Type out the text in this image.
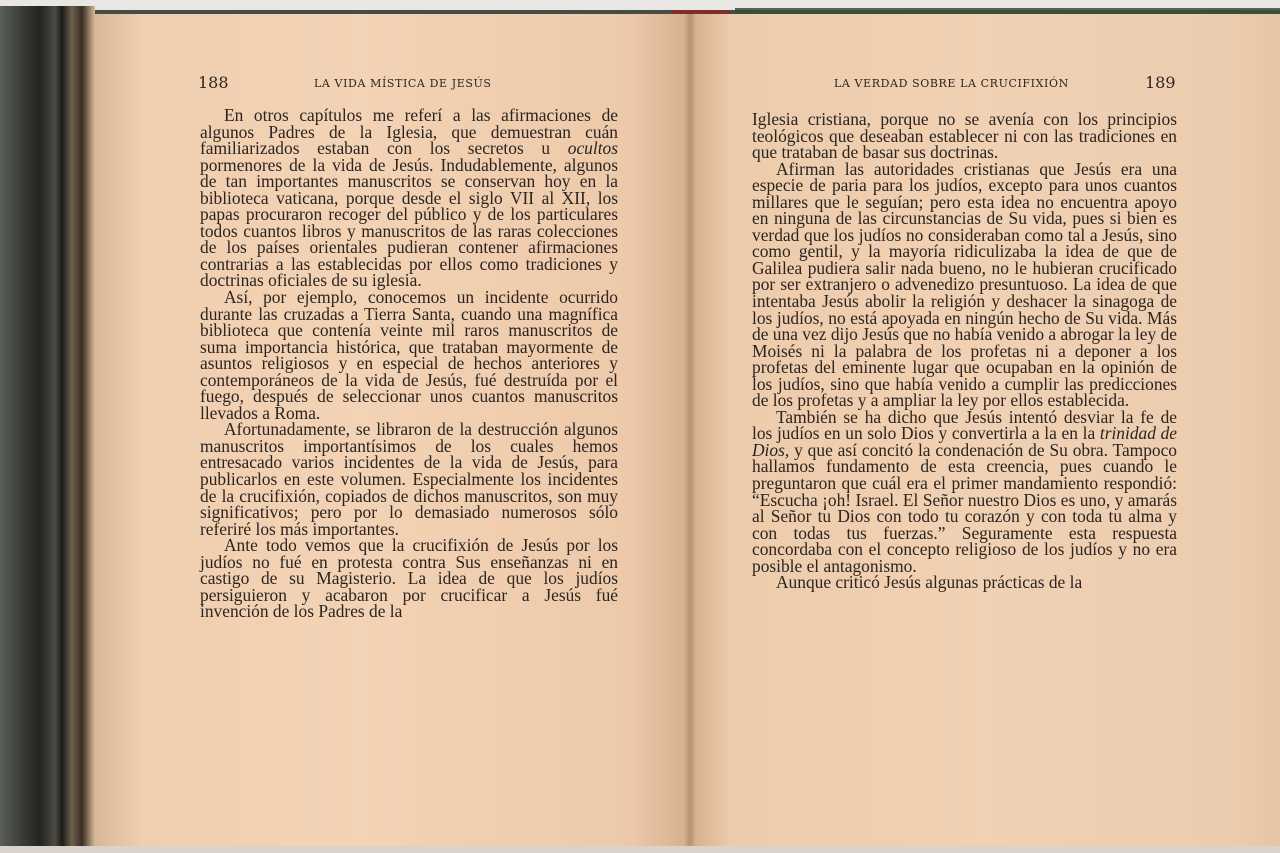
188	LA VIDA MÍSTICA DE JESÚS

En otros capítulos me referí a las afirmaciones de algunos Padres de la Iglesia, que demuestran cuán familiarizados estaban con los secretos u ocultos pormenores de la vida de Jesús. Indudablemente, algunos de tan importantes manuscritos se conservan hoy en la biblioteca vaticana, porque desde el siglo VII al XII, los papas procuraron recoger del público y de los particulares todos cuantos libros y manuscritos de las raras colecciones de los países orientales pudieran contener afirmaciones contrarias a las establecidas por ellos como tradiciones y doctrinas oficiales de su iglesia.

Así, por ejemplo, conocemos un incidente ocurrido durante las cruzadas a Tierra Santa, cuando una magnífica biblioteca que contenía veinte mil raros manuscritos de suma importancia histórica, que trataban mayormente de asuntos religiosos y en especial de hechos anteriores y contemporáneos de la vida de Jesús, fué destruída por el fuego, después de seleccionar unos cuantos manuscritos llevados a Roma.

Afortunadamente, se libraron de la destrucción algunos manuscritos importantísimos de los cuales hemos entresacado varios incidentes de la vida de Jesús, para publicarlos en este volumen. Especialmente los incidentes de la crucifixión, copiados de dichos manuscritos, son muy significativos; pero por lo demasiado numerosos sólo referiré los más importantes.

Ante todo vemos que la crucifixión de Jesús por los judíos no fué en protesta contra Sus enseñanzas ni en castigo de su Magisterio. La idea de que los judíos persiguieron y acabaron por crucificar a Jesús fué invención de los Padres de la

LA VERDAD SOBRE LA CRUCIFIXIÓN	189

Iglesia cristiana, porque no se avenía con los principios teológicos que deseaban establecer ni con las tradiciones en que trataban de basar sus doctrinas.

Afirman las autoridades cristianas que Jesús era una especie de paria para los judíos, excepto para unos cuantos millares que le seguían; pero esta idea no encuentra apoyo en ninguna de las circunstancias de Su vida, pues si bien es verdad que los judíos no consideraban como tal a Jesús, sino como gentil, y la mayoría ridiculizaba la idea de que de Galilea pudiera salir nada bueno, no le hubieran crucificado por ser extranjero o advenedizo presuntuoso. La idea de que intentaba Jesús abolir la religión y deshacer la sinagoga de los judíos, no está apoyada en ningún hecho de Su vida. Más de una vez dijo Jesús que no había venido a abrogar la ley de Moisés ni la palabra de los profetas ni a deponer a los profetas del eminente lugar que ocupaban en la opinión de los judíos, sino que había venido a cumplir las predicciones de los profetas y a ampliar la ley por ellos establecida.

También se ha dicho que Jesús intentó desviar la fe de los judíos en un solo Dios y convertirla a la en la trinidad de Dios, y que así concitó la condenación de Su obra. Tampoco hallamos fundamento de esta creencia, pues cuando le preguntaron que cuál era el primer mandamiento respondió: “Escucha ¡oh! Israel. El Señor nuestro Dios es uno, y amarás al Señor tu Dios con todo tu corazón y con toda tu alma y con todas tus fuerzas.” Seguramente esta respuesta concordaba con el concepto religioso de los judíos y no era posible el antagonismo.

Aunque criticó Jesús algunas prácticas de la
